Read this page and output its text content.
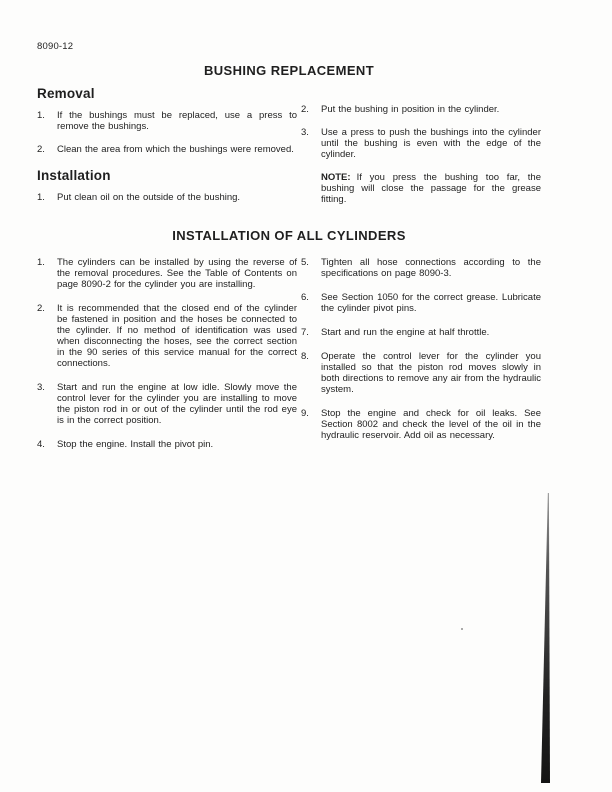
8090-12
BUSHING REPLACEMENT
Removal
1.	If the bushings must be replaced, use a press to remove the bushings.
2.	Clean the area from which the bushings were removed.
Installation
1.	Put clean oil on the outside of the bushing.
2.	Put the bushing in position in the cylinder.
3.	Use a press to push the bushings into the cylinder until the bushing is even with the edge of the cylinder.
NOTE: If you press the bushing too far, the bushing will close the passage for the grease fitting.
INSTALLATION OF ALL CYLINDERS
1.	The cylinders can be installed by using the reverse of the removal procedures. See the Table of Contents on page 8090-2 for the cylinder you are installing.
2.	It is recommended that the closed end of the cylinder be fastened in position and the hoses be connected to the cylinder. If no method of identification was used when disconnecting the hoses, see the correct section in the 90 series of this service manual for the correct connections.
3.	Start and run the engine at low idle. Slowly move the control lever for the cylinder you are installing to move the piston rod in or out of the cylinder until the rod eye is in the correct position.
4.	Stop the engine. Install the pivot pin.
5.	Tighten all hose connections according to the specifications on page 8090-3.
6.	See Section 1050 for the correct grease. Lubricate the cylinder pivot pins.
7.	Start and run the engine at half throttle.
8.	Operate the control lever for the cylinder you installed so that the piston rod moves slowly in both directions to remove any air from the hydraulic system.
9.	Stop the engine and check for oil leaks. See Section 8002 and check the level of the oil in the hydraulic reservoir. Add oil as necessary.
